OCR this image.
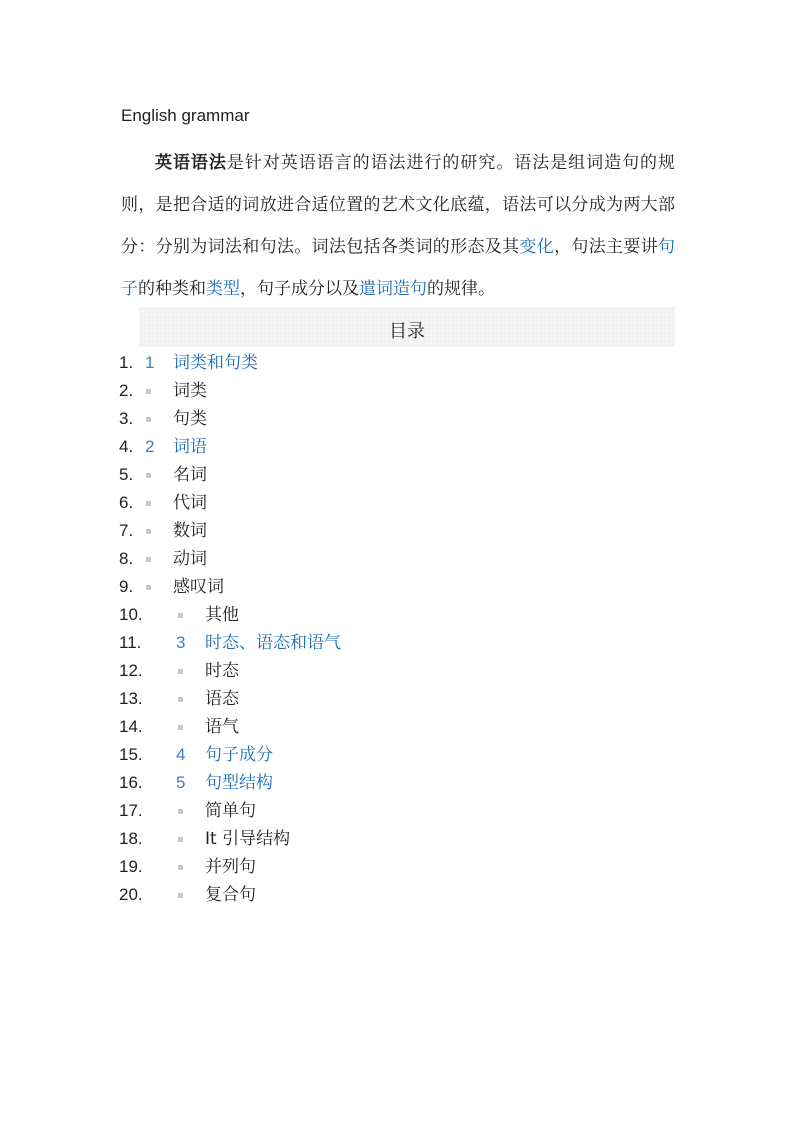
English grammar

英语语法是针对英语语言的语法进行的研究。语法是组词造句的规则，是把合适的词放进合适位置的艺术文化底蕴，语法可以分成为两大部分：分别为词法和句法。词法包括各类词的形态及其变化，句法主要讲句子的种类和类型，句子成分以及遣词造句的规律。

目录
1. 1 词类和句类
2. 词类
3. 句类
4. 2 词语
5. 名词
6. 代词
7. 数词
8. 动词
9. 感叹词
10.	其他
11. 3 时态、语态和语气
12.	时态
13.	语态
14.	语气
15. 4 句子成分
16. 5 句型结构
17.	简单句
18.	It 引导结构
19.	并列句
20.	复合句
